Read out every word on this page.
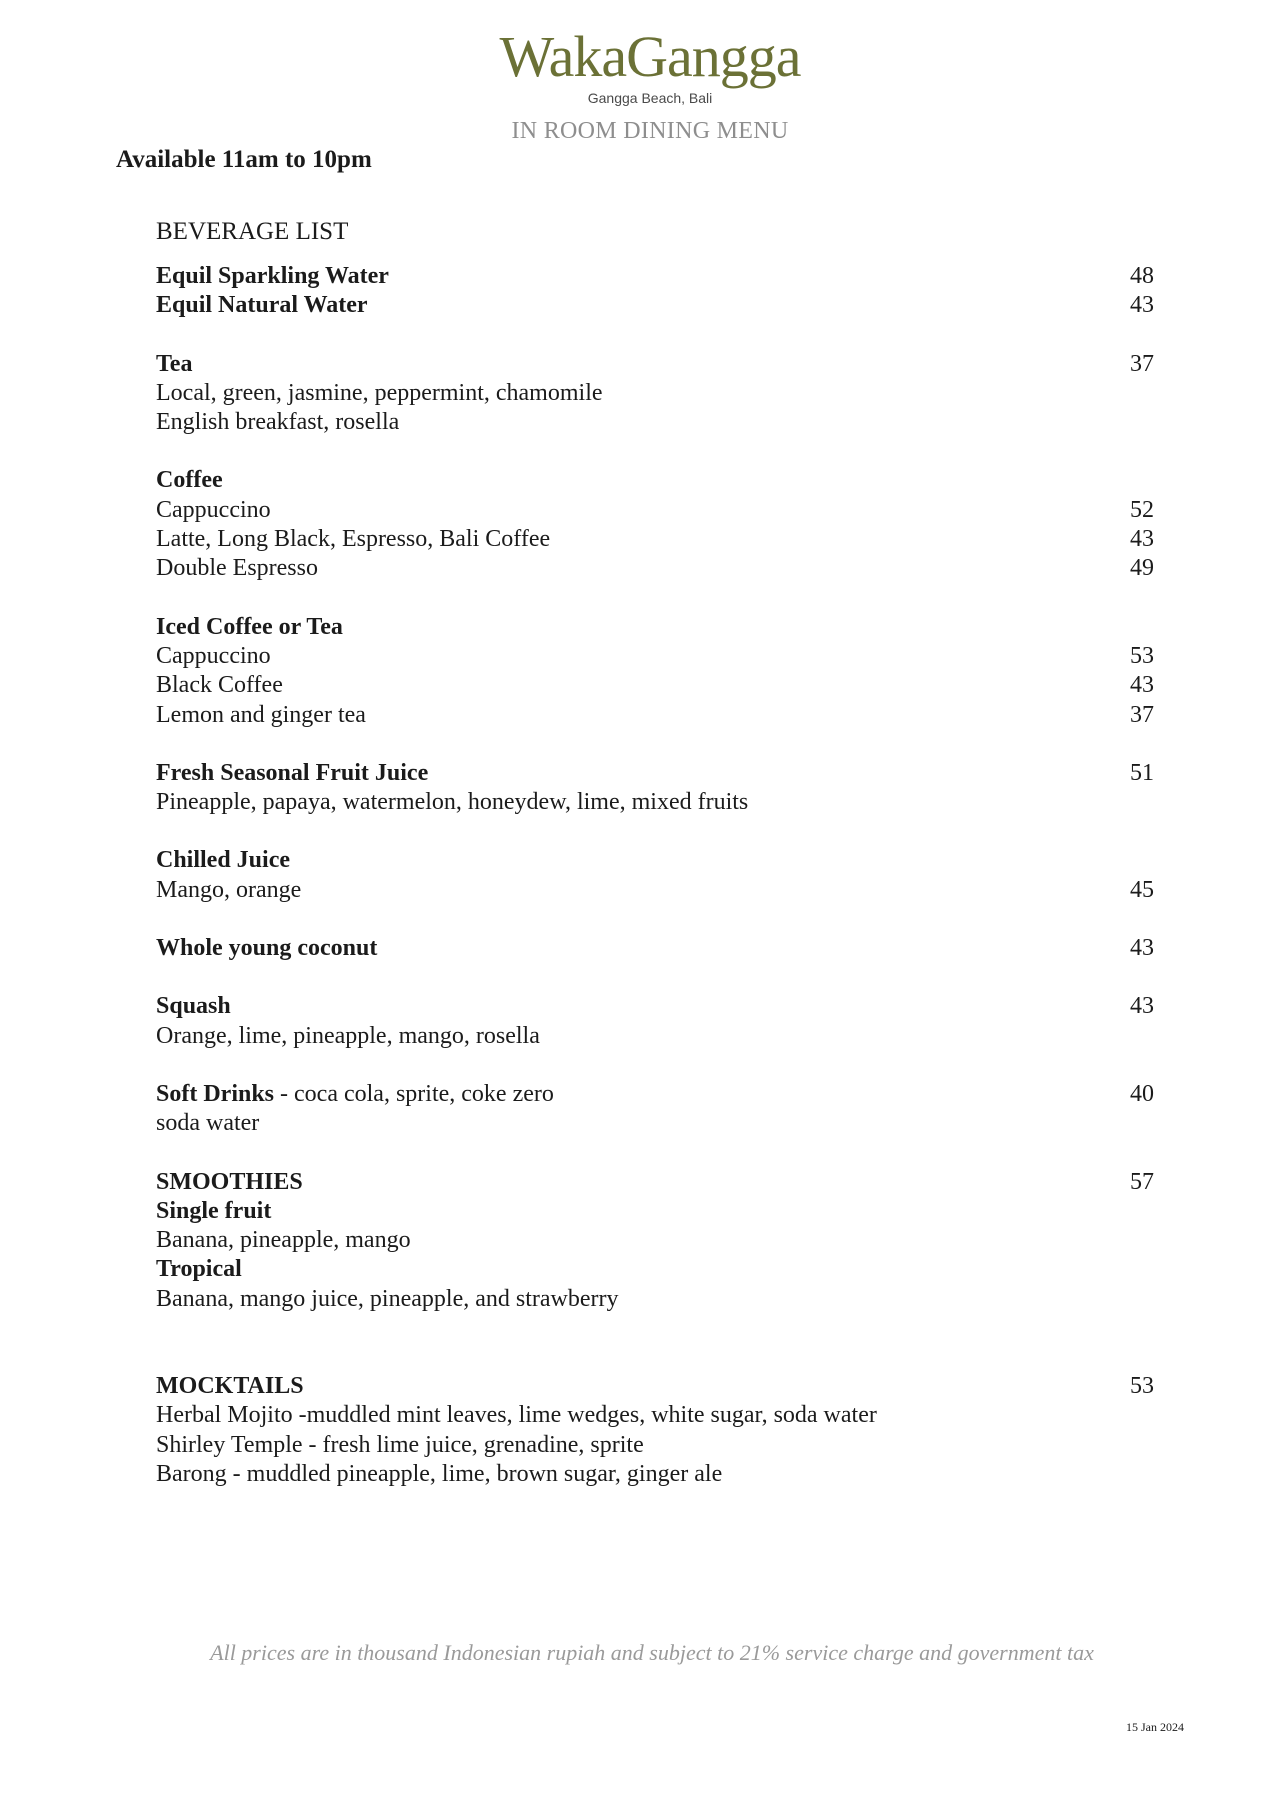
WakaGangga
Gangga Beach, Bali
IN ROOM DINING MENU
Available 11am to 10pm
BEVERAGE LIST
Equil Sparkling Water	48
Equil Natural Water	43
Tea	37
Local, green, jasmine, peppermint, chamomile
English breakfast, rosella
Coffee
Cappuccino	52
Latte, Long Black, Espresso, Bali Coffee	43
Double Espresso	49
Iced Coffee or Tea
Cappuccino	53
Black Coffee	43
Lemon and ginger tea	37
Fresh Seasonal Fruit Juice	51
Pineapple, papaya, watermelon, honeydew, lime, mixed fruits
Chilled Juice
Mango, orange	45
Whole young coconut	43
Squash	43
Orange, lime, pineapple, mango, rosella
Soft Drinks - coca cola, sprite, coke zero	40
soda water
SMOOTHIES	57
Single fruit
Banana, pineapple, mango
Tropical
Banana, mango juice, pineapple, and strawberry
MOCKTAILS	53
Herbal Mojito -muddled mint leaves, lime wedges, white sugar, soda water
Shirley Temple - fresh lime juice, grenadine, sprite
Barong - muddled pineapple, lime, brown sugar, ginger ale
All prices are in thousand Indonesian rupiah and subject to 21% service charge and government tax
15 Jan 2024
